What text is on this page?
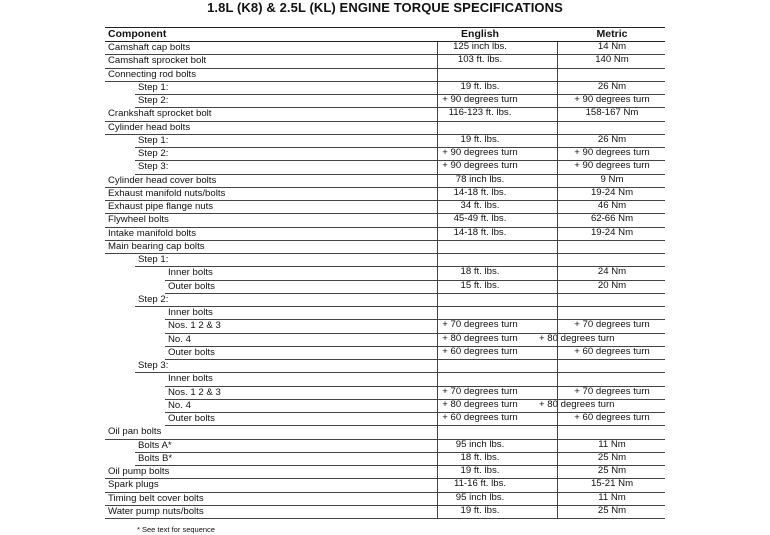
1.8L (K8) & 2.5L (KL) ENGINE TORQUE SPECIFICATIONS
Component	English	Metric
Camshaft cap bolts	125 inch lbs.	14 Nm
Camshaft sprocket bolt	103 ft. lbs.	140 Nm
Connecting rod bolts
Step 1:	19 ft. lbs.	26 Nm
Step 2:	+ 90 degrees turn	+ 90 degrees turn
Crankshaft sprocket bolt	116-123 ft. lbs.	158-167 Nm
Cylinder head bolts
Step 1:	19 ft. lbs.	26 Nm
Step 2:	+ 90 degrees turn	+ 90 degrees turn
Step 3:	+ 90 degrees turn	+ 90 degrees turn
Cylinder head cover bolts	78 inch lbs.	9 Nm
Exhaust manifold nuts/bolts	14-18 ft. lbs.	19-24 Nm
Exhaust pipe flange nuts	34 ft. lbs.	46 Nm
Flywheel bolts	45-49 ft. lbs.	62-66 Nm
Intake manifold bolts	14-18 ft. lbs.	19-24 Nm
Main bearing cap bolts
Step 1:
Inner bolts	18 ft. lbs.	24 Nm
Outer bolts	15 ft. lbs.	20 Nm
Step 2:
Inner bolts
Nos. 1 2 & 3	+ 70 degrees turn	+ 70 degrees turn
No. 4	+ 80 degrees turn	+ 80 degrees turn
Outer bolts	+ 60 degrees turn	+ 60 degrees turn
Step 3:
Inner bolts
Nos. 1 2 & 3	+ 70 degrees turn	+ 70 degrees turn
No. 4	+ 80 degrees turn	+ 80 degrees turn
Outer bolts	+ 60 degrees turn	+ 60 degrees turn
Oil pan bolts
Bolts A*	95 inch lbs.	11 Nm
Bolts B*	18 ft. lbs.	25 Nm
Oil pump bolts	19 ft. lbs.	25 Nm
Spark plugs	11-16 ft. lbs.	15-21 Nm
Timing belt cover bolts	95 inch lbs.	11 Nm
Water pump nuts/bolts	19 ft. lbs.	25 Nm
* See text for sequence
